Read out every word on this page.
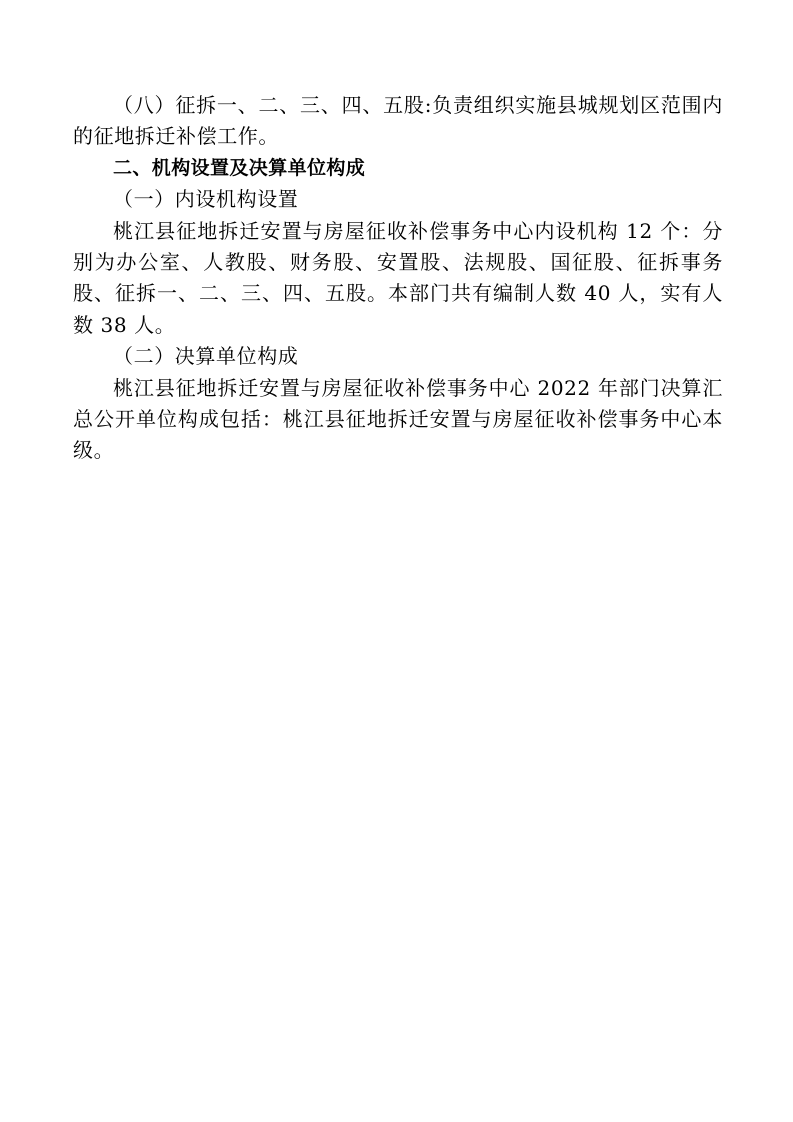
（八）征拆一、二、三、四、五股:负责组织实施县城规划区范围内的征地拆迁补偿工作。

二、机构设置及决算单位构成

（一）内设机构设置

桃江县征地拆迁安置与房屋征收补偿事务中心内设机构 12 个：分别为办公室、人教股、财务股、安置股、法规股、国征股、征拆事务股、征拆一、二、三、四、五股。本部门共有编制人数 40 人，实有人数 38 人。

（二）决算单位构成

桃江县征地拆迁安置与房屋征收补偿事务中心 2022 年部门决算汇总公开单位构成包括：桃江县征地拆迁安置与房屋征收补偿事务中心本级。
